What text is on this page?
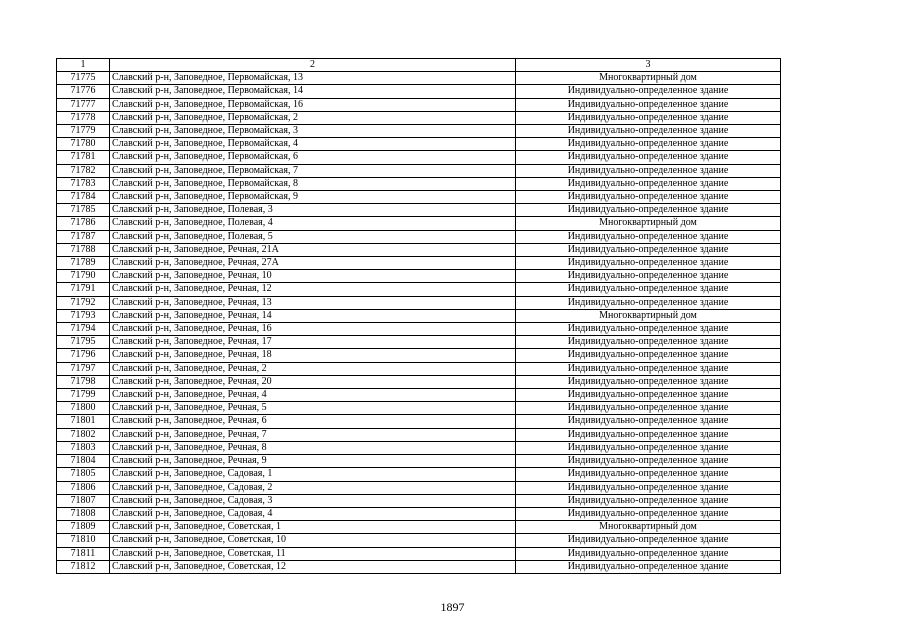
1	2	3
71775	Славский р-н, Заповедное, Первомайская, 13	Многоквартирный дом
71776	Славский р-н, Заповедное, Первомайская, 14	Индивидуально-определенное здание
71777	Славский р-н, Заповедное, Первомайская, 16	Индивидуально-определенное здание
71778	Славский р-н, Заповедное, Первомайская, 2	Индивидуально-определенное здание
71779	Славский р-н, Заповедное, Первомайская, 3	Индивидуально-определенное здание
71780	Славский р-н, Заповедное, Первомайская, 4	Индивидуально-определенное здание
71781	Славский р-н, Заповедное, Первомайская, 6	Индивидуально-определенное здание
71782	Славский р-н, Заповедное, Первомайская, 7	Индивидуально-определенное здание
71783	Славский р-н, Заповедное, Первомайская, 8	Индивидуально-определенное здание
71784	Славский р-н, Заповедное, Первомайская, 9	Индивидуально-определенное здание
71785	Славский р-н, Заповедное, Полевая, 3	Индивидуально-определенное здание
71786	Славский р-н, Заповедное, Полевая, 4	Многоквартирный дом
71787	Славский р-н, Заповедное, Полевая, 5	Индивидуально-определенное здание
71788	Славский р-н, Заповедное, Речная, 21А	Индивидуально-определенное здание
71789	Славский р-н, Заповедное, Речная, 27А	Индивидуально-определенное здание
71790	Славский р-н, Заповедное, Речная, 10	Индивидуально-определенное здание
71791	Славский р-н, Заповедное, Речная, 12	Индивидуально-определенное здание
71792	Славский р-н, Заповедное, Речная, 13	Индивидуально-определенное здание
71793	Славский р-н, Заповедное, Речная, 14	Многоквартирный дом
71794	Славский р-н, Заповедное, Речная, 16	Индивидуально-определенное здание
71795	Славский р-н, Заповедное, Речная, 17	Индивидуально-определенное здание
71796	Славский р-н, Заповедное, Речная, 18	Индивидуально-определенное здание
71797	Славский р-н, Заповедное, Речная, 2	Индивидуально-определенное здание
71798	Славский р-н, Заповедное, Речная, 20	Индивидуально-определенное здание
71799	Славский р-н, Заповедное, Речная, 4	Индивидуально-определенное здание
71800	Славский р-н, Заповедное, Речная, 5	Индивидуально-определенное здание
71801	Славский р-н, Заповедное, Речная, 6	Индивидуально-определенное здание
71802	Славский р-н, Заповедное, Речная, 7	Индивидуально-определенное здание
71803	Славский р-н, Заповедное, Речная, 8	Индивидуально-определенное здание
71804	Славский р-н, Заповедное, Речная, 9	Индивидуально-определенное здание
71805	Славский р-н, Заповедное, Садовая, 1	Индивидуально-определенное здание
71806	Славский р-н, Заповедное, Садовая, 2	Индивидуально-определенное здание
71807	Славский р-н, Заповедное, Садовая, 3	Индивидуально-определенное здание
71808	Славский р-н, Заповедное, Садовая, 4	Индивидуально-определенное здание
71809	Славский р-н, Заповедное, Советская, 1	Многоквартирный дом
71810	Славский р-н, Заповедное, Советская, 10	Индивидуально-определенное здание
71811	Славский р-н, Заповедное, Советская, 11	Индивидуально-определенное здание
71812	Славский р-н, Заповедное, Советская, 12	Индивидуально-определенное здание
1897
